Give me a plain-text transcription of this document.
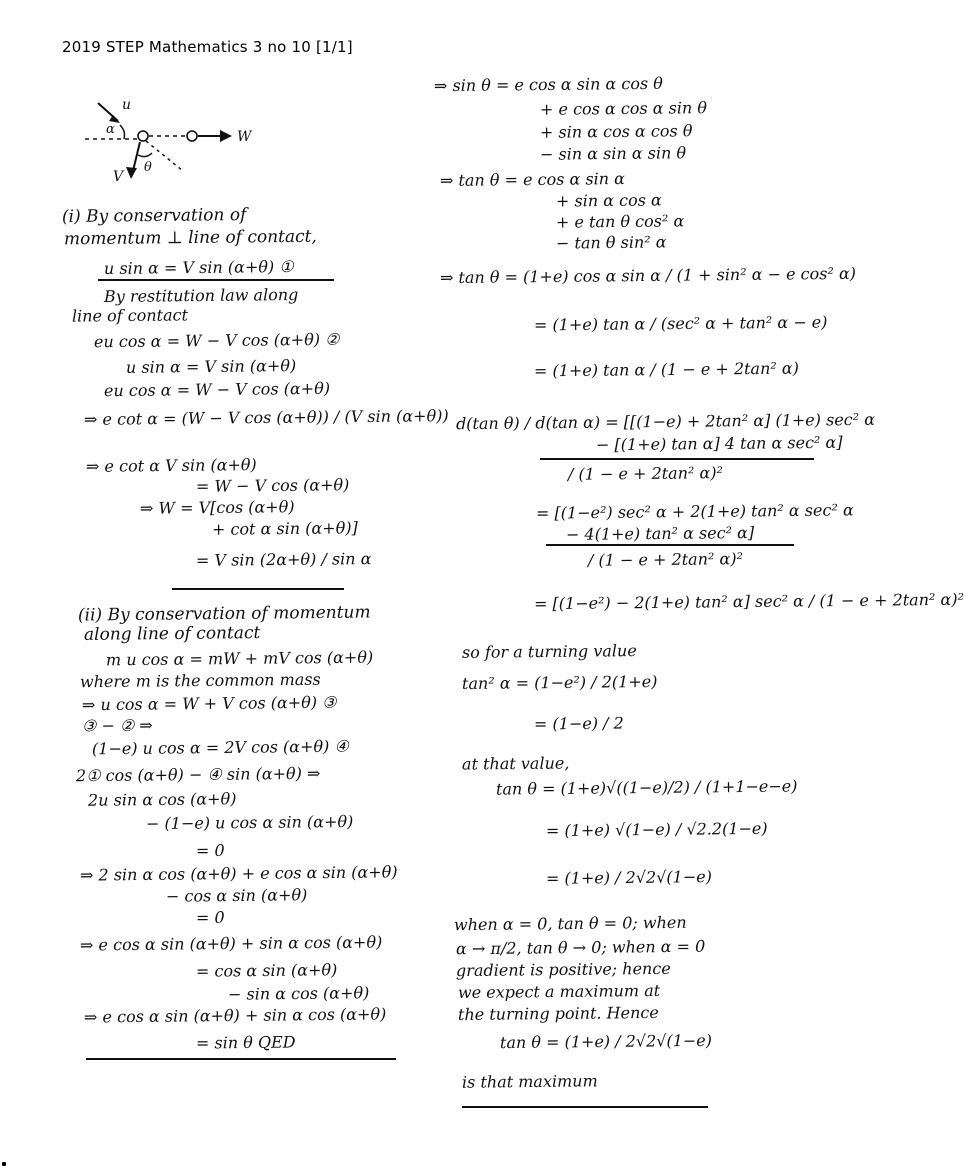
2019 STEP Mathematics 3 no 10 [1/1]
u
α	W
V
θ
(i) By conservation of
momentum ⊥ line of contact,
u sin α = V sin (α+θ) ①
By restitution law along
line of contact
eu cos α = W − V cos (α+θ) ②
u sin α = V sin (α+θ)
eu cos α = W − V cos (α+θ)
⇒ e cot α = (W − V cos (α+θ)) / (V sin (α+θ))
⇒ e cot α V sin (α+θ)
= W − V cos (α+θ)
⇒ W = V[cos (α+θ)
+ cot α sin (α+θ)]
= V sin (2α+θ) / sin α
(ii) By conservation of momentum
along line of contact
m u cos α = mW + mV cos (α+θ)
where m is the common mass
⇒ u cos α = W + V cos (α+θ) ③
③ − ② ⇒
(1−e) u cos α = 2V cos (α+θ) ④
2① cos (α+θ) − ④ sin (α+θ) ⇒
2u sin α cos (α+θ)
− (1−e) u cos α sin (α+θ)
= 0
⇒ 2 sin α cos (α+θ) + e cos α sin (α+θ)
− cos α sin (α+θ)
= 0
⇒ e cos α sin (α+θ) + sin α cos (α+θ)
= cos α sin (α+θ)
− sin α cos (α+θ)
⇒ e cos α sin (α+θ) + sin α cos (α+θ)
= sin θ QED
⇒ sin θ = e cos α sin α cos θ
+ e cos α cos α sin θ
+ sin α cos α cos θ
− sin α sin α sin θ
⇒ tan θ = e cos α sin α
+ sin α cos α
+ e tan θ cos² α
− tan θ sin² α
⇒ tan θ = (1+e) cos α sin α / (1 + sin² α − e cos² α)
= (1+e) tan α / (sec² α + tan² α − e)
= (1+e) tan α / (1 − e + 2tan² α)
d(tan θ) / d(tan α) = [[(1−e) + 2tan² α] (1+e) sec² α
− [(1+e) tan α] 4 tan α sec² α]
/ (1 − e + 2tan² α)²
= [(1−e²) sec² α + 2(1+e) tan² α sec² α
− 4(1+e) tan² α sec² α]
/ (1 − e + 2tan² α)²
= [(1−e²) − 2(1+e) tan² α] sec² α / (1 − e + 2tan² α)²
so for a turning value
tan² α = (1−e²) / 2(1+e)
= (1−e) / 2
at that value,
tan θ = (1+e)√((1−e)/2) / (1+1−e−e)
= (1+e) √(1−e) / √2.2(1−e)
= (1+e) / 2√2√(1−e)
when α = 0, tan θ = 0; when
α → π/2, tan θ → 0; when α = 0
gradient is positive; hence
we expect a maximum at
the turning point. Hence
tan θ = (1+e) / 2√2√(1−e)
is that maximum
